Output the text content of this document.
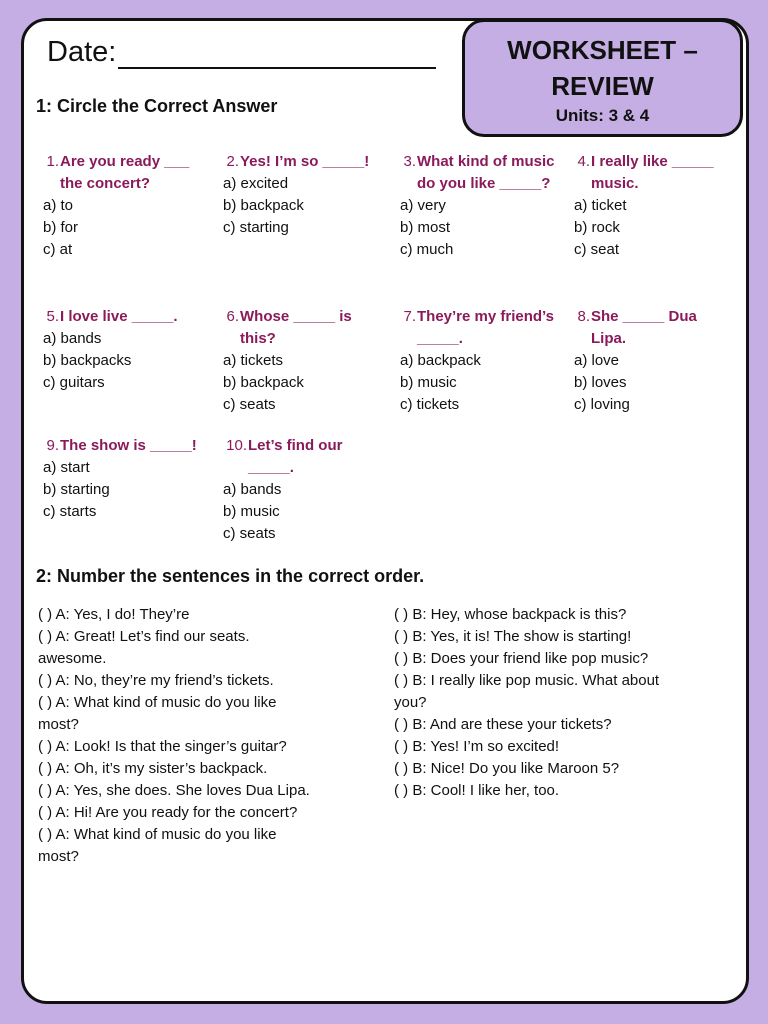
Date:	WORKSHEET –
REVIEW
Units: 3 & 4
1: Circle the Correct Answer
1. Are you ready ___ the concert?
a) to
b) for
c) at
2. Yes! I’m so _____!
a) excited
b) backpack
c) starting
3. What kind of music do you like _____?
a) very
b) most
c) much
4. I really like _____ music.
a) ticket
b) rock
c) seat
5. I love live _____.
a) bands
b) backpacks
c) guitars
6. Whose _____ is this?
a) tickets
b) backpack
c) seats
7. They’re my friend’s _____.
a) backpack
b) music
c) tickets
8. She _____ Dua Lipa.
a) love
b) loves
c) loving
9. The show is _____!
a) start
b) starting
c) starts
10. Let’s find our _____.
a) bands
b) music
c) seats
2: Number the sentences in the correct order.
( ) A: Yes, I do! They’re
( ) A: Great! Let’s find our seats.
awesome.
( ) A: No, they’re my friend’s tickets.
( ) A: What kind of music do you like
most?
( ) A: Look! Is that the singer’s guitar?
( ) A: Oh, it’s my sister’s backpack.
( ) A: Yes, she does. She loves Dua Lipa.
( ) A: Hi! Are you ready for the concert?
( ) A: What kind of music do you like
most?
( ) B: Hey, whose backpack is this?
( ) B: Yes, it is! The show is starting!
( ) B: Does your friend like pop music?
( ) B: I really like pop music. What about
you?
( ) B: And are these your tickets?
( ) B: Yes! I’m so excited!
( ) B: Nice! Do you like Maroon 5?
( ) B: Cool! I like her, too.
